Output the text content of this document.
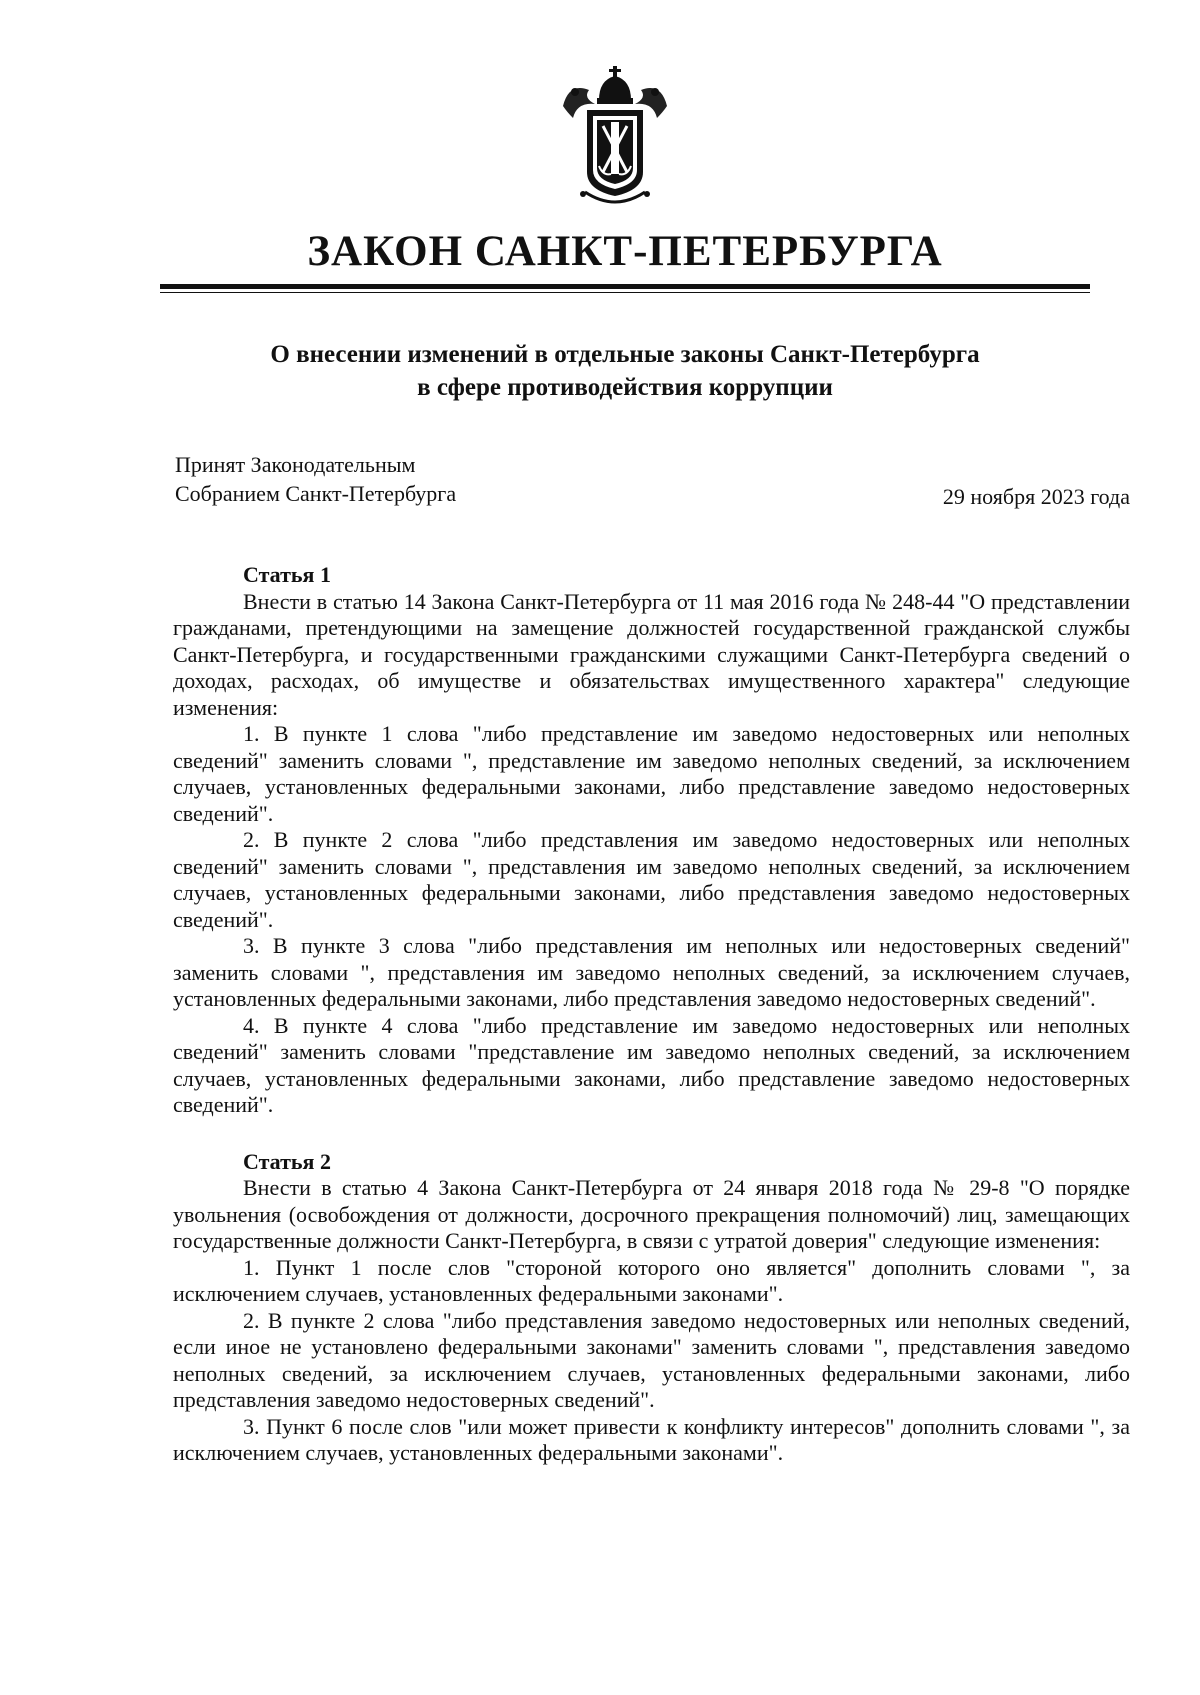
ЗАКОН САНКТ-ПЕТЕРБУРГА
О внесении изменений в отдельные законы Санкт-Петербурга
в сфере противодействия коррупции
Принят Законодательным
Собранием Санкт-Петербурга	29 ноября 2023 года
Статья 1

Внести в статью 14 Закона Санкт-Петербурга от 11 мая 2016 года № 248-44 "О представлении гражданами, претендующими на замещение должностей государственной гражданской службы Санкт-Петербурга, и государственными гражданскими служащими Санкт-Петербурга сведений о доходах, расходах, об имуществе и обязательствах имущественного характера" следующие изменения:

1. В пункте 1 слова "либо представление им заведомо недостоверных или неполных сведений" заменить словами ", представление им заведомо неполных сведений, за исключением случаев, установленных федеральными законами, либо представление заведомо недостоверных сведений".

2. В пункте 2 слова "либо представления им заведомо недостоверных или неполных сведений" заменить словами ", представления им заведомо неполных сведений, за исключением случаев, установленных федеральными законами, либо представления заведомо недостоверных сведений".

3. В пункте 3 слова "либо представления им неполных или недостоверных сведений" заменить словами ", представления им заведомо неполных сведений, за исключением случаев, установленных федеральными законами, либо представления заведомо недостоверных сведений".

4. В пункте 4 слова "либо представление им заведомо недостоверных или неполных сведений" заменить словами "представление им заведомо неполных сведений, за исключением случаев, установленных федеральными законами, либо представление заведомо недостоверных сведений".

Статья 2

Внести в статью 4 Закона Санкт-Петербурга от 24 января 2018 года № 29-8 "О порядке увольнения (освобождения от должности, досрочного прекращения полномочий) лиц, замещающих государственные должности Санкт-Петербурга, в связи с утратой доверия" следующие изменения:

1. Пункт 1 после слов "стороной которого оно является" дополнить словами ", за исключением случаев, установленных федеральными законами".

2. В пункте 2 слова "либо представления заведомо недостоверных или неполных сведений, если иное не установлено федеральными законами" заменить словами ", представления заведомо неполных сведений, за исключением случаев, установленных федеральными законами, либо представления заведомо недостоверных сведений".

3. Пункт 6 после слов "или может привести к конфликту интересов" дополнить словами ", за исключением случаев, установленных федеральными законами".
